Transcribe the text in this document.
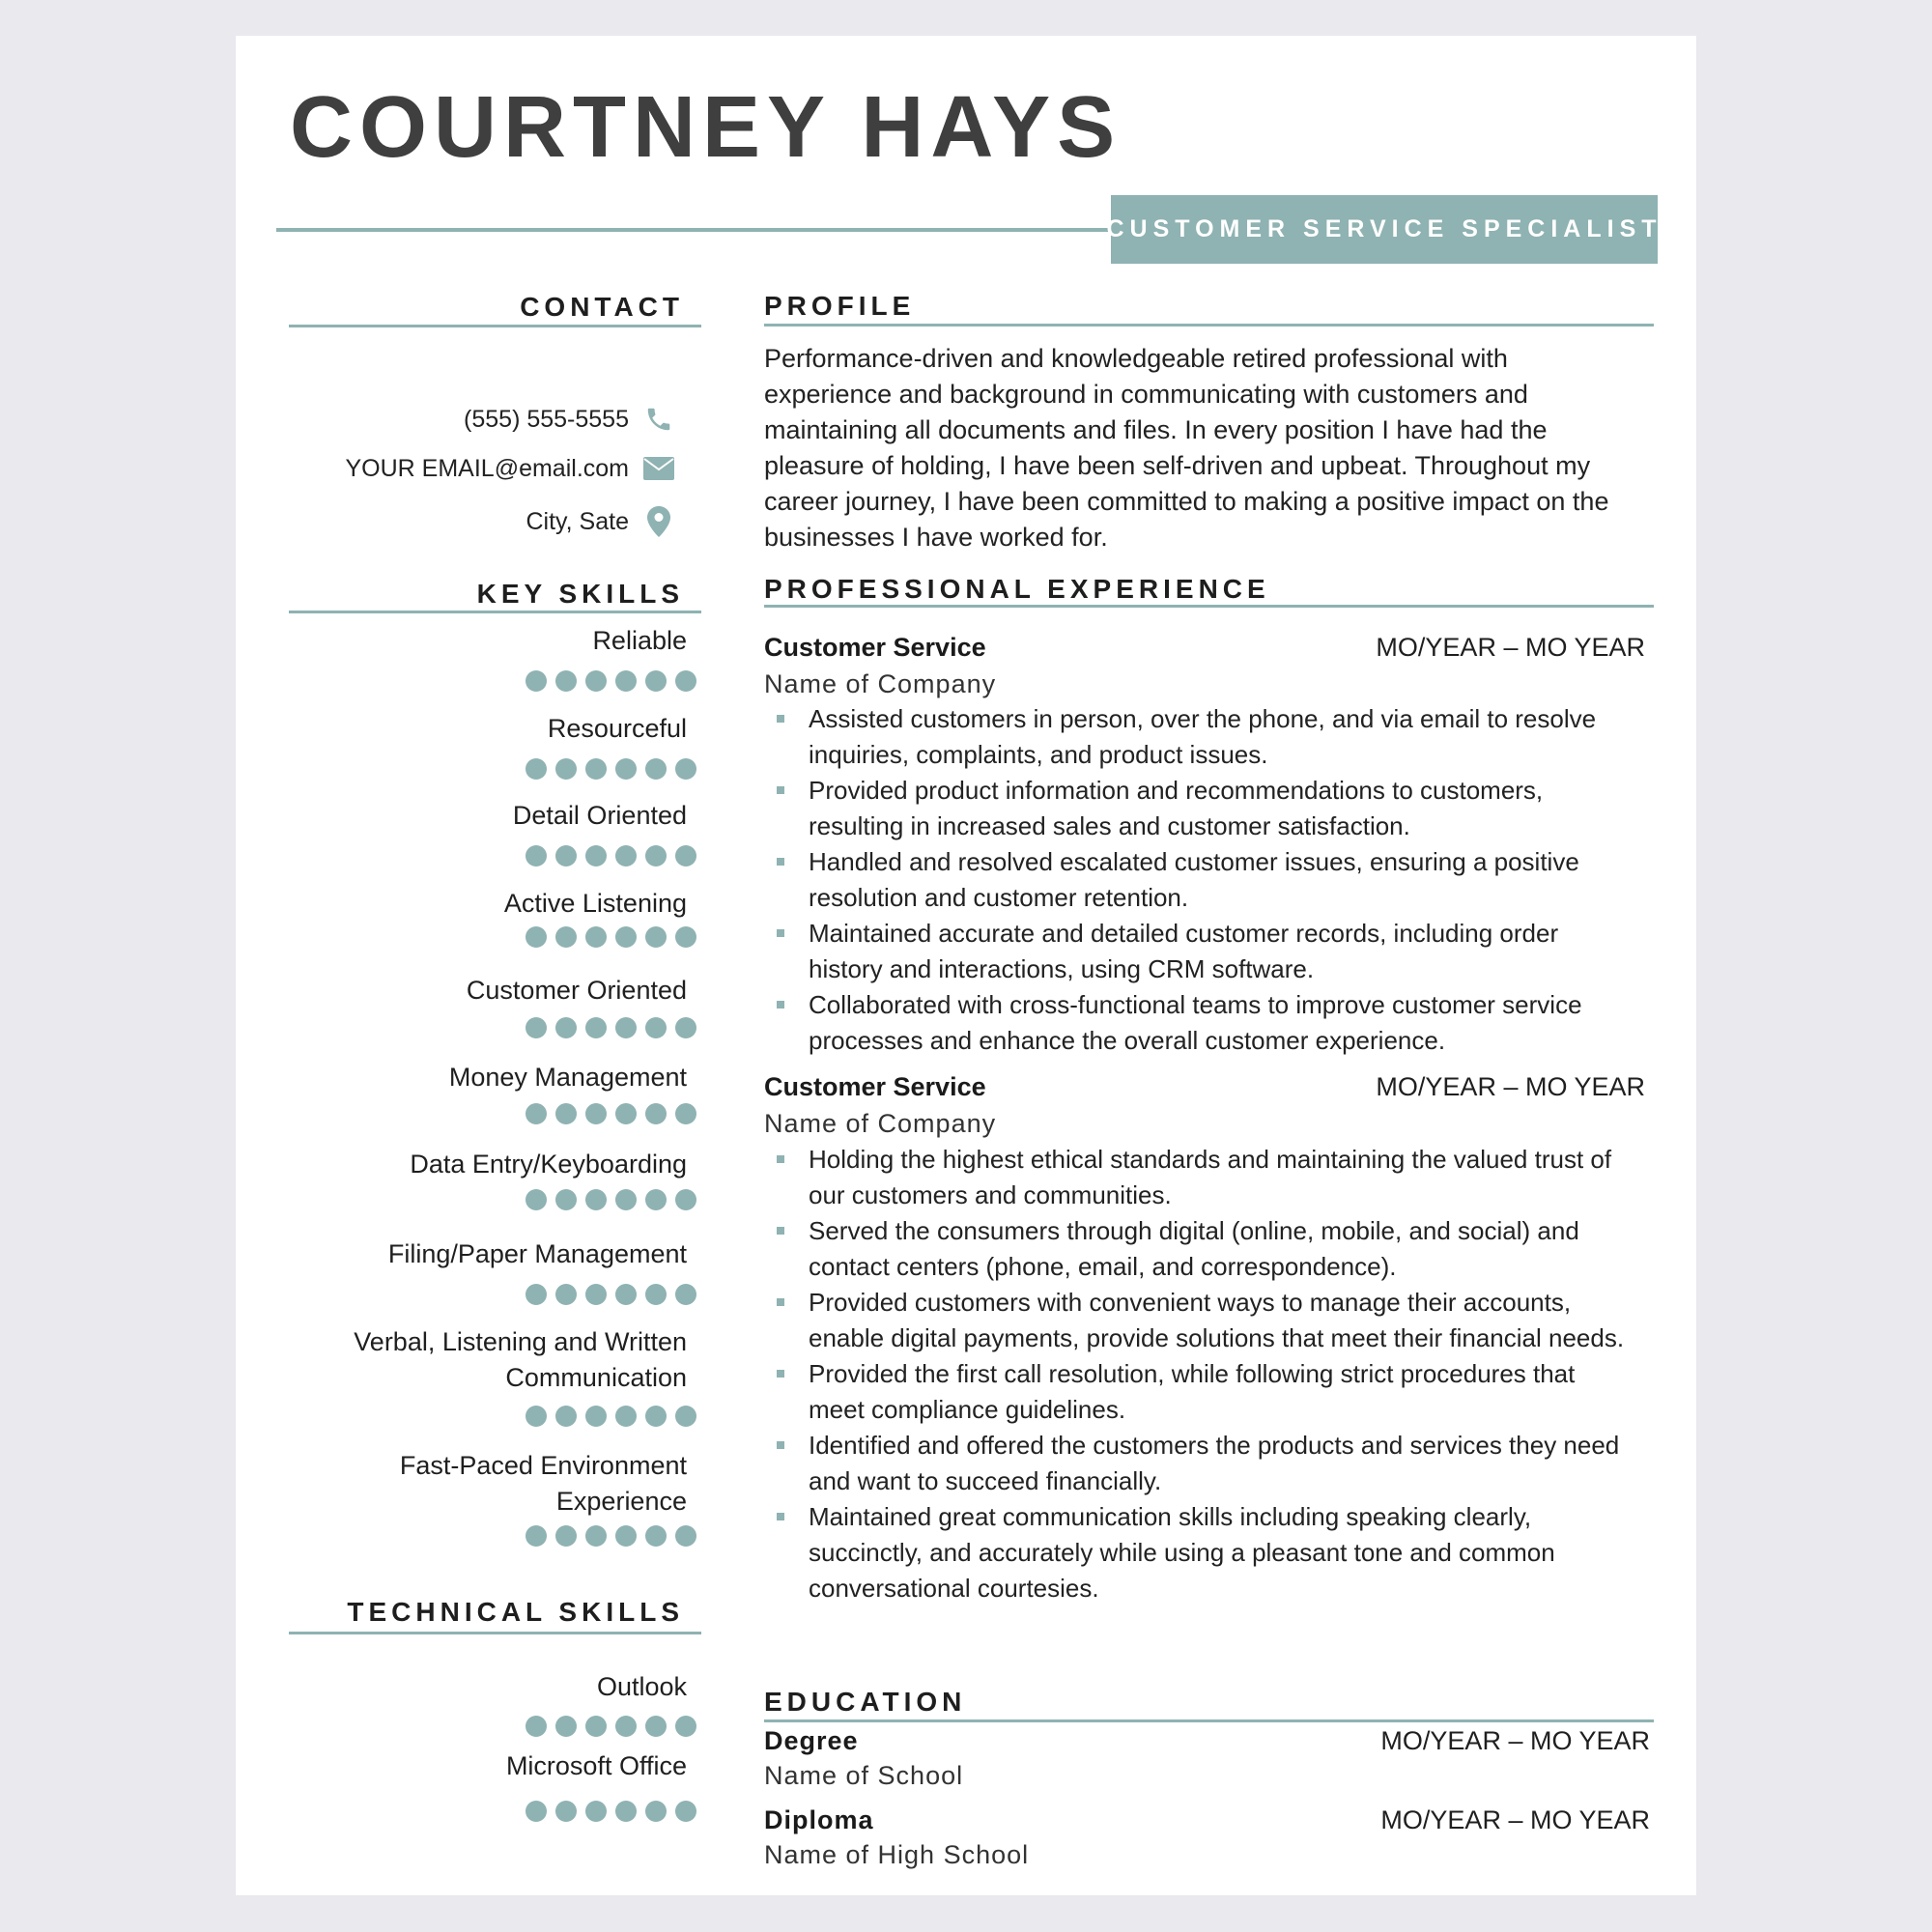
COURTNEY HAYS
CUSTOMER SERVICE SPECIALIST
CONTACT
(555) 555-5555
YOUR EMAIL@email.com
City, Sate
KEY SKILLS
Reliable
Resourceful
Detail Oriented
Active Listening
Customer Oriented
Money Management
Data Entry/Keyboarding
Filing/Paper Management
Verbal, Listening and Written Communication
Fast-Paced Environment Experience
TECHNICAL SKILLS
Outlook
Microsoft Office
PROFILE
Performance-driven and knowledgeable retired professional with experience and background in communicating with customers and maintaining all documents and files. In every position I have had the pleasure of holding, I have been self-driven and upbeat. Throughout my career journey, I have been committed to making a positive impact on the businesses I have worked for.
PROFESSIONAL EXPERIENCE
Customer Service	MO/YEAR – MO YEAR
Name of Company
Assisted customers in person, over the phone, and via email to resolve inquiries, complaints, and product issues.
Provided product information and recommendations to customers, resulting in increased sales and customer satisfaction.
Handled and resolved escalated customer issues, ensuring a positive resolution and customer retention.
Maintained accurate and detailed customer records, including order history and interactions, using CRM software.
Collaborated with cross-functional teams to improve customer service processes and enhance the overall customer experience.
Customer Service	MO/YEAR – MO YEAR
Name of Company
Holding the highest ethical standards and maintaining the valued trust of our customers and communities.
Served the consumers through digital (online, mobile, and social) and contact centers (phone, email, and correspondence).
Provided customers with convenient ways to manage their accounts, enable digital payments, provide solutions that meet their financial needs.
Provided the first call resolution, while following strict procedures that meet compliance guidelines.
Identified and offered the customers the products and services they need and want to succeed financially.
Maintained great communication skills including speaking clearly, succinctly, and accurately while using a pleasant tone and common conversational courtesies.
EDUCATION
Degree	MO/YEAR – MO YEAR
Name of School
Diploma	MO/YEAR – MO YEAR
Name of High School
